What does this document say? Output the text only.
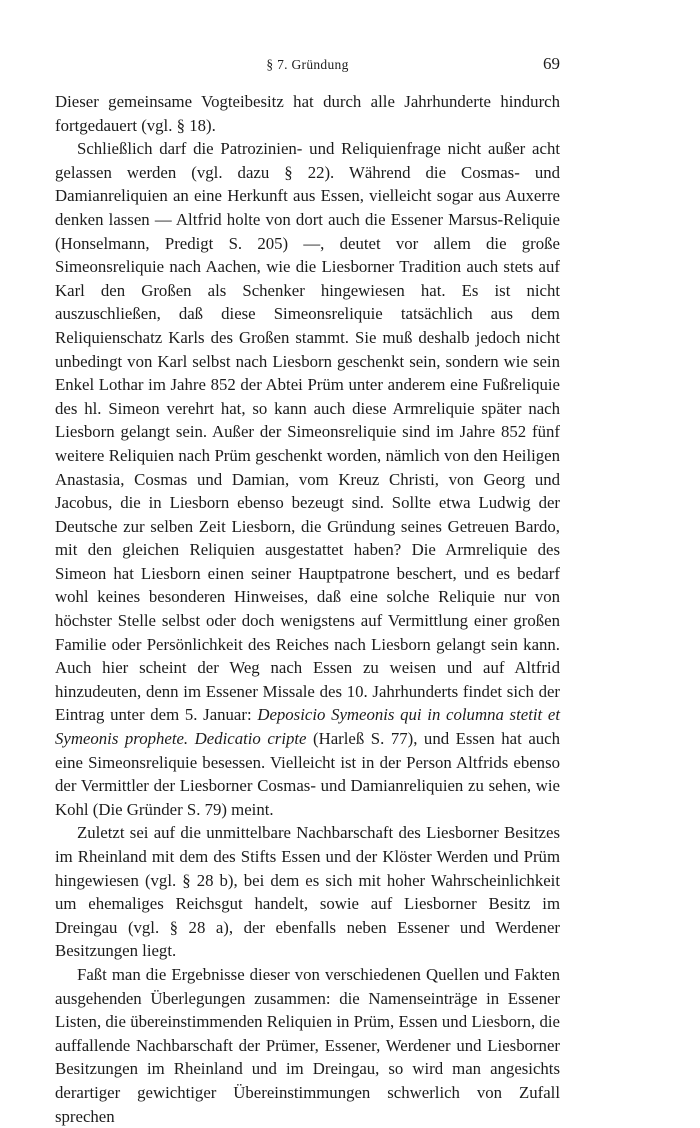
§ 7. Gründung	69

Dieser gemeinsame Vogteibesitz hat durch alle Jahrhunderte hindurch fortgedauert (vgl. § 18).

Schließlich darf die Patrozinien- und Reliquienfrage nicht außer acht gelassen werden (vgl. dazu § 22). Während die Cosmas- und Damianreliquien an eine Herkunft aus Essen, vielleicht sogar aus Auxerre denken lassen — Altfrid holte von dort auch die Essener Marsus-Reliquie (Honselmann, Predigt S. 205) —, deutet vor allem die große Simeonsreliquie nach Aachen, wie die Liesborner Tradition auch stets auf Karl den Großen als Schenker hingewiesen hat. Es ist nicht auszuschließen, daß diese Simeonsreliquie tatsächlich aus dem Reliquienschatz Karls des Großen stammt. Sie muß deshalb jedoch nicht unbedingt von Karl selbst nach Liesborn geschenkt sein, sondern wie sein Enkel Lothar im Jahre 852 der Abtei Prüm unter anderem eine Fußreliquie des hl. Simeon verehrt hat, so kann auch diese Armreliquie später nach Liesborn gelangt sein. Außer der Simeonsreliquie sind im Jahre 852 fünf weitere Reliquien nach Prüm geschenkt worden, nämlich von den Heiligen Anastasia, Cosmas und Damian, vom Kreuz Christi, von Georg und Jacobus, die in Liesborn ebenso bezeugt sind. Sollte etwa Ludwig der Deutsche zur selben Zeit Liesborn, die Gründung seines Getreuen Bardo, mit den gleichen Reliquien ausgestattet haben? Die Armreliquie des Simeon hat Liesborn einen seiner Hauptpatrone beschert, und es bedarf wohl keines besonderen Hinweises, daß eine solche Reliquie nur von höchster Stelle selbst oder doch wenigstens auf Vermittlung einer großen Familie oder Persönlichkeit des Reiches nach Liesborn gelangt sein kann. Auch hier scheint der Weg nach Essen zu weisen und auf Altfrid hinzudeuten, denn im Essener Missale des 10. Jahrhunderts findet sich der Eintrag unter dem 5. Januar: Deposicio Symeonis qui in columna stetit et Symeonis prophete. Dedicatio cripte (Harleß S. 77), und Essen hat auch eine Simeonsreliquie besessen. Vielleicht ist in der Person Altfrids ebenso der Vermittler der Liesborner Cosmas- und Damianreliquien zu sehen, wie Kohl (Die Gründer S. 79) meint.

Zuletzt sei auf die unmittelbare Nachbarschaft des Liesborner Besitzes im Rheinland mit dem des Stifts Essen und der Klöster Werden und Prüm hingewiesen (vgl. § 28 b), bei dem es sich mit hoher Wahrscheinlichkeit um ehemaliges Reichsgut handelt, sowie auf Liesborner Besitz im Dreingau (vgl. § 28 a), der ebenfalls neben Essener und Werdener Besitzungen liegt.

Faßt man die Ergebnisse dieser von verschiedenen Quellen und Fakten ausgehenden Überlegungen zusammen: die Namenseinträge in Essener Listen, die übereinstimmenden Reliquien in Prüm, Essen und Liesborn, die auffallende Nachbarschaft der Prümer, Essener, Werdener und Liesborner Besitzungen im Rheinland und im Dreingau, so wird man angesichts derartiger gewichtiger Übereinstimmungen schwerlich von Zufall sprechen
